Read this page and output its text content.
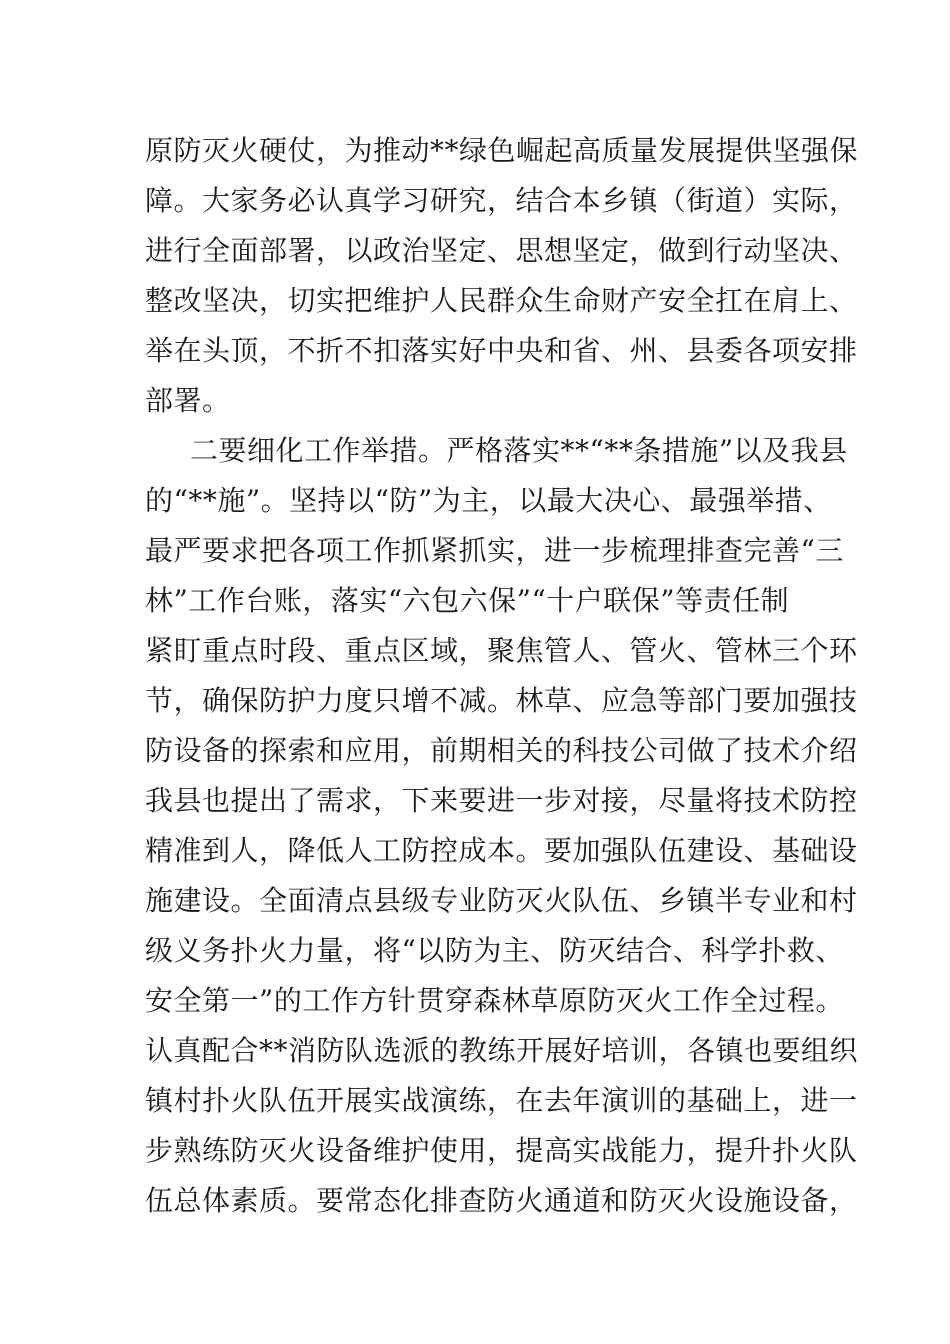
原防灭火硬仗，为推动**绿色崛起高质量发展提供坚强保
障。大家务必认真学习研究，结合本乡镇（街道）实际，
进行全面部署，以政治坚定、思想坚定，做到行动坚决、
整改坚决，切实把维护人民群众生命财产安全扛在肩上、
举在头顶，不折不扣落实好中央和省、州、县委各项安排
部署。
二要细化工作举措。严格落实**“**条措施”以及我县
的“**施”。坚持以“防”为主，以最大决心、最强举措、
最严要求把各项工作抓紧抓实，进一步梳理排查完善“三
林”工作台账，落实“六包六保”“十户联保”等责任制
紧盯重点时段、重点区域，聚焦管人、管火、管林三个环
节，确保防护力度只增不减。林草、应急等部门要加强技
防设备的探索和应用，前期相关的科技公司做了技术介绍
我县也提出了需求，下来要进一步对接，尽量将技术防控
精准到人，降低人工防控成本。要加强队伍建设、基础设
施建设。全面清点县级专业防灭火队伍、乡镇半专业和村
级义务扑火力量，将“以防为主、防灭结合、科学扑救、
安全第一”的工作方针贯穿森林草原防灭火工作全过程。
认真配合**消防队选派的教练开展好培训，各镇也要组织
镇村扑火队伍开展实战演练，在去年演训的基础上，进一
步熟练防灭火设备维护使用，提高实战能力，提升扑火队
伍总体素质。要常态化排查防火通道和防灭火设施设备，
